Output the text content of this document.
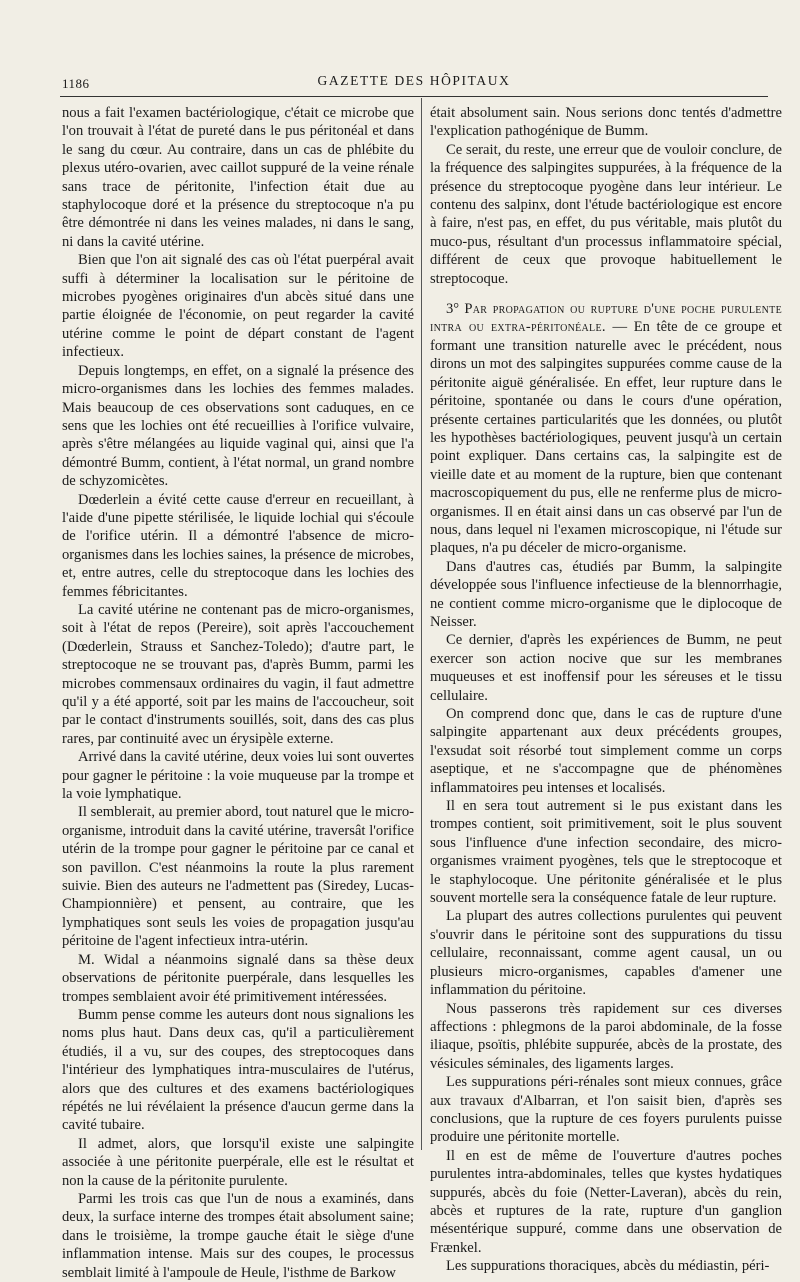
1186	GAZETTE DES HÔPITAUX

nous a fait l'examen bactériologique, c'était ce microbe que l'on trouvait à l'état de pureté dans le pus péritonéal et dans le sang du cœur. Au contraire, dans un cas de phlébite du plexus utéro-ovarien, avec caillot suppuré de la veine rénale sans trace de péritonite, l'infection était due au staphylocoque doré et la présence du streptocoque n'a pu être démontrée ni dans les veines malades, ni dans le sang, ni dans la cavité utérine.

Bien que l'on ait signalé des cas où l'état puerpéral avait suffi à déterminer la localisation sur le péritoine de microbes pyogènes originaires d'un abcès situé dans une partie éloignée de l'économie, on peut regarder la cavité utérine comme le point de départ constant de l'agent infectieux.

Depuis longtemps, en effet, on a signalé la présence des micro-organismes dans les lochies des femmes malades. Mais beaucoup de ces observations sont caduques, en ce sens que les lochies ont été recueillies à l'orifice vulvaire, après s'être mélangées au liquide vaginal qui, ainsi que l'a démontré Bumm, contient, à l'état normal, un grand nombre de schyzomicètes.

Dœderlein a évité cette cause d'erreur en recueillant, à l'aide d'une pipette stérilisée, le liquide lochial qui s'écoule de l'orifice utérin. Il a démontré l'absence de micro-organismes dans les lochies saines, la présence de microbes, et, entre autres, celle du streptocoque dans les lochies des femmes fébricitantes.

La cavité utérine ne contenant pas de micro-organismes, soit à l'état de repos (Pereire), soit après l'accouchement (Dœderlein, Strauss et Sanchez-Toledo); d'autre part, le streptocoque ne se trouvant pas, d'après Bumm, parmi les microbes commensaux ordinaires du vagin, il faut admettre qu'il y a été apporté, soit par les mains de l'accoucheur, soit par le contact d'instruments souillés, soit, dans des cas plus rares, par continuité avec un érysipèle externe.

Arrivé dans la cavité utérine, deux voies lui sont ouvertes pour gagner le péritoine : la voie muqueuse par la trompe et la voie lymphatique.

Il semblerait, au premier abord, tout naturel que le micro-organisme, introduit dans la cavité utérine, traversât l'orifice utérin de la trompe pour gagner le péritoine par ce canal et son pavillon. C'est néanmoins la route la plus rarement suivie. Bien des auteurs ne l'admettent pas (Siredey, Lucas-Championnière) et pensent, au contraire, que les lymphatiques sont seuls les voies de propagation jusqu'au péritoine de l'agent infectieux intra-utérin.

M. Widal a néanmoins signalé dans sa thèse deux observations de péritonite puerpérale, dans lesquelles les trompes semblaient avoir été primitivement intéressées.

Bumm pense comme les auteurs dont nous signalions les noms plus haut. Dans deux cas, qu'il a particulièrement étudiés, il a vu, sur des coupes, des streptocoques dans l'intérieur des lymphatiques intra-musculaires de l'utérus, alors que des cultures et des examens bactériologiques répétés ne lui révélaient la présence d'aucun germe dans la cavité tubaire.

Il admet, alors, que lorsqu'il existe une salpingite associée à une péritonite puerpérale, elle est le résultat et non la cause de la péritonite purulente.

Parmi les trois cas que l'un de nous a examinés, dans deux, la surface interne des trompes était absolument saine; dans le troisième, la trompe gauche était le siège d'une inflammation intense. Mais sur des coupes, le processus semblait limité à l'ampoule de Heule, l'isthme de Barkow

était absolument sain. Nous serions donc tentés d'admettre l'explication pathogénique de Bumm.

Ce serait, du reste, une erreur que de vouloir conclure, de la fréquence des salpingites suppurées, à la fréquence de la présence du streptocoque pyogène dans leur intérieur. Le contenu des salpinx, dont l'étude bactériologique est encore à faire, n'est pas, en effet, du pus véritable, mais plutôt du muco-pus, résultant d'un processus inflammatoire spécial, différent de ceux que provoque habituellement le streptocoque.

3° Par propagation ou rupture d'une poche purulente intra ou extra-péritonéale. — En tête de ce groupe et formant une transition naturelle avec le précédent, nous dirons un mot des salpingites suppurées comme cause de la péritonite aiguë généralisée. En effet, leur rupture dans le péritoine, spontanée ou dans le cours d'une opération, présente certaines particularités que les données, ou plutôt les hypothèses bactériologiques, peuvent jusqu'à un certain point expliquer. Dans certains cas, la salpingite est de vieille date et au moment de la rupture, bien que contenant macroscopiquement du pus, elle ne renferme plus de micro-organismes. Il en était ainsi dans un cas observé par l'un de nous, dans lequel ni l'examen microscopique, ni l'étude sur plaques, n'a pu déceler de micro-organisme.

Dans d'autres cas, étudiés par Bumm, la salpingite développée sous l'influence infectieuse de la blennorrhagie, ne contient comme micro-organisme que le diplocoque de Neisser.

Ce dernier, d'après les expériences de Bumm, ne peut exercer son action nocive que sur les membranes muqueuses et est inoffensif pour les séreuses et le tissu cellulaire.

On comprend donc que, dans le cas de rupture d'une salpingite appartenant aux deux précédents groupes, l'exsudat soit résorbé tout simplement comme un corps aseptique, et ne s'accompagne que de phénomènes inflammatoires peu intenses et localisés.

Il en sera tout autrement si le pus existant dans les trompes contient, soit primitivement, soit le plus souvent sous l'influence d'une infection secondaire, des micro-organismes vraiment pyogènes, tels que le streptocoque et le staphylocoque. Une péritonite généralisée et le plus souvent mortelle sera la conséquence fatale de leur rupture.

La plupart des autres collections purulentes qui peuvent s'ouvrir dans le péritoine sont des suppurations du tissu cellulaire, reconnaissant, comme agent causal, un ou plusieurs micro-organismes, capables d'amener une inflammation du péritoine.

Nous passerons très rapidement sur ces diverses affections : phlegmons de la paroi abdominale, de la fosse iliaque, psoïtis, phlébite suppurée, abcès de la prostate, des vésicules séminales, des ligaments larges.

Les suppurations péri-rénales sont mieux connues, grâce aux travaux d'Albarran, et l'on saisit bien, d'après ses conclusions, que la rupture de ces foyers purulents puisse produire une péritonite mortelle.

Il en est de même de l'ouverture d'autres poches purulentes intra-abdominales, telles que kystes hydatiques suppurés, abcès du foie (Netter-Laveran), abcès du rein, abcès et ruptures de la rate, rupture d'un ganglion mésentérique suppuré, comme dans une observation de Frænkel.

Les suppurations thoraciques, abcès du médiastin, péri-
